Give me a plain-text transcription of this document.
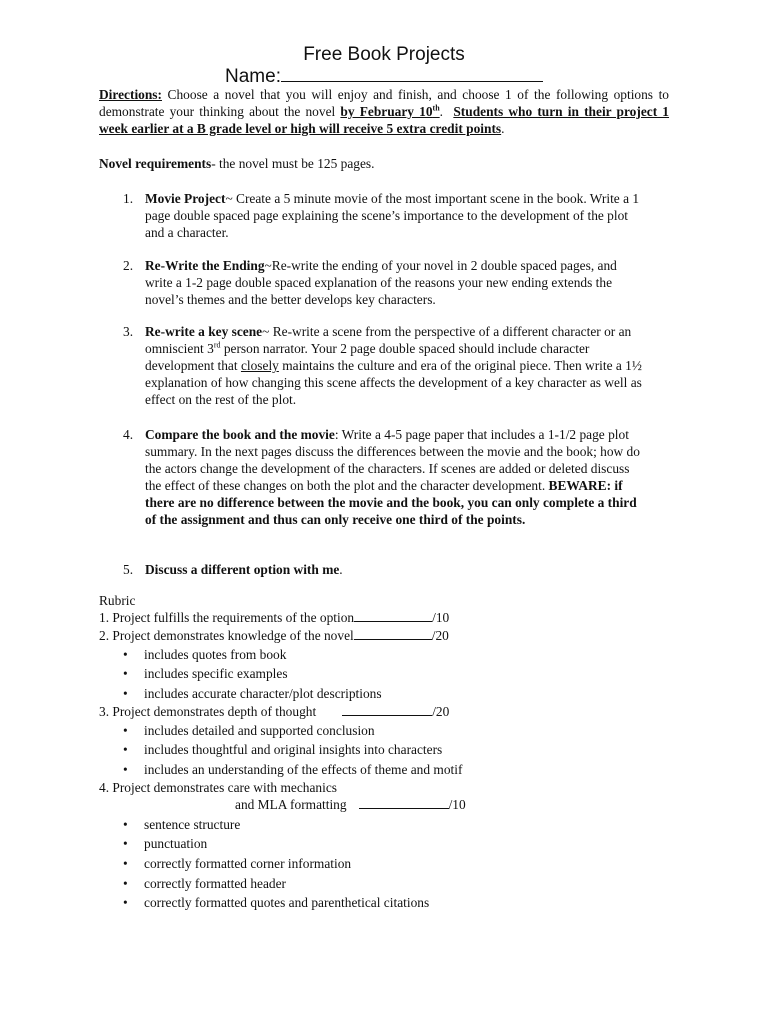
Free Book Projects
Name:
Directions: Choose a novel that you will enjoy and finish, and choose 1 of the following options to demonstrate your thinking about the novel by February 10th. Students who turn in their project 1 week earlier at a B grade level or high will receive 5 extra credit points.
Novel requirements- the novel must be 125 pages.
1. Movie Project~ Create a 5 minute movie of the most important scene in the book. Write a 1 page double spaced page explaining the scene’s importance to the development of the plot and a character.
2. Re-Write the Ending~Re-write the ending of your novel in 2 double spaced pages, and write a 1-2 page double spaced explanation of the reasons your new ending extends the novel’s themes and the better develops key characters.
3. Re-write a key scene~ Re-write a scene from the perspective of a different character or an omniscient 3rd person narrator. Your 2 page double spaced should include character development that closely maintains the culture and era of the original piece. Then write a 1½ explanation of how changing this scene affects the development of a key character as well as effect on the rest of the plot.
4. Compare the book and the movie: Write a 4-5 page paper that includes a 1-1/2 page plot summary. In the next pages discuss the differences between the movie and the book; how do the actors change the development of the characters. If scenes are added or deleted discuss the effect of these changes on both the plot and the character development. BEWARE: if there are no difference between the movie and the book, you can only complete a third of the assignment and thus can only receive one third of the points.
5. Discuss a different option with me.
Rubric
1. Project fulfills the requirements of the option	/10
2. Project demonstrates knowledge of the novel	/20
• includes quotes from book
• includes specific examples
• includes accurate character/plot descriptions
3. Project demonstrates depth of thought	/20
• includes detailed and supported conclusion
• includes thoughtful and original insights into characters
• includes an understanding of the effects of theme and motif
4. Project demonstrates care with mechanics
and MLA formatting	/10
• sentence structure
• punctuation
• correctly formatted corner information
• correctly formatted header
• correctly formatted quotes and parenthetical citations
